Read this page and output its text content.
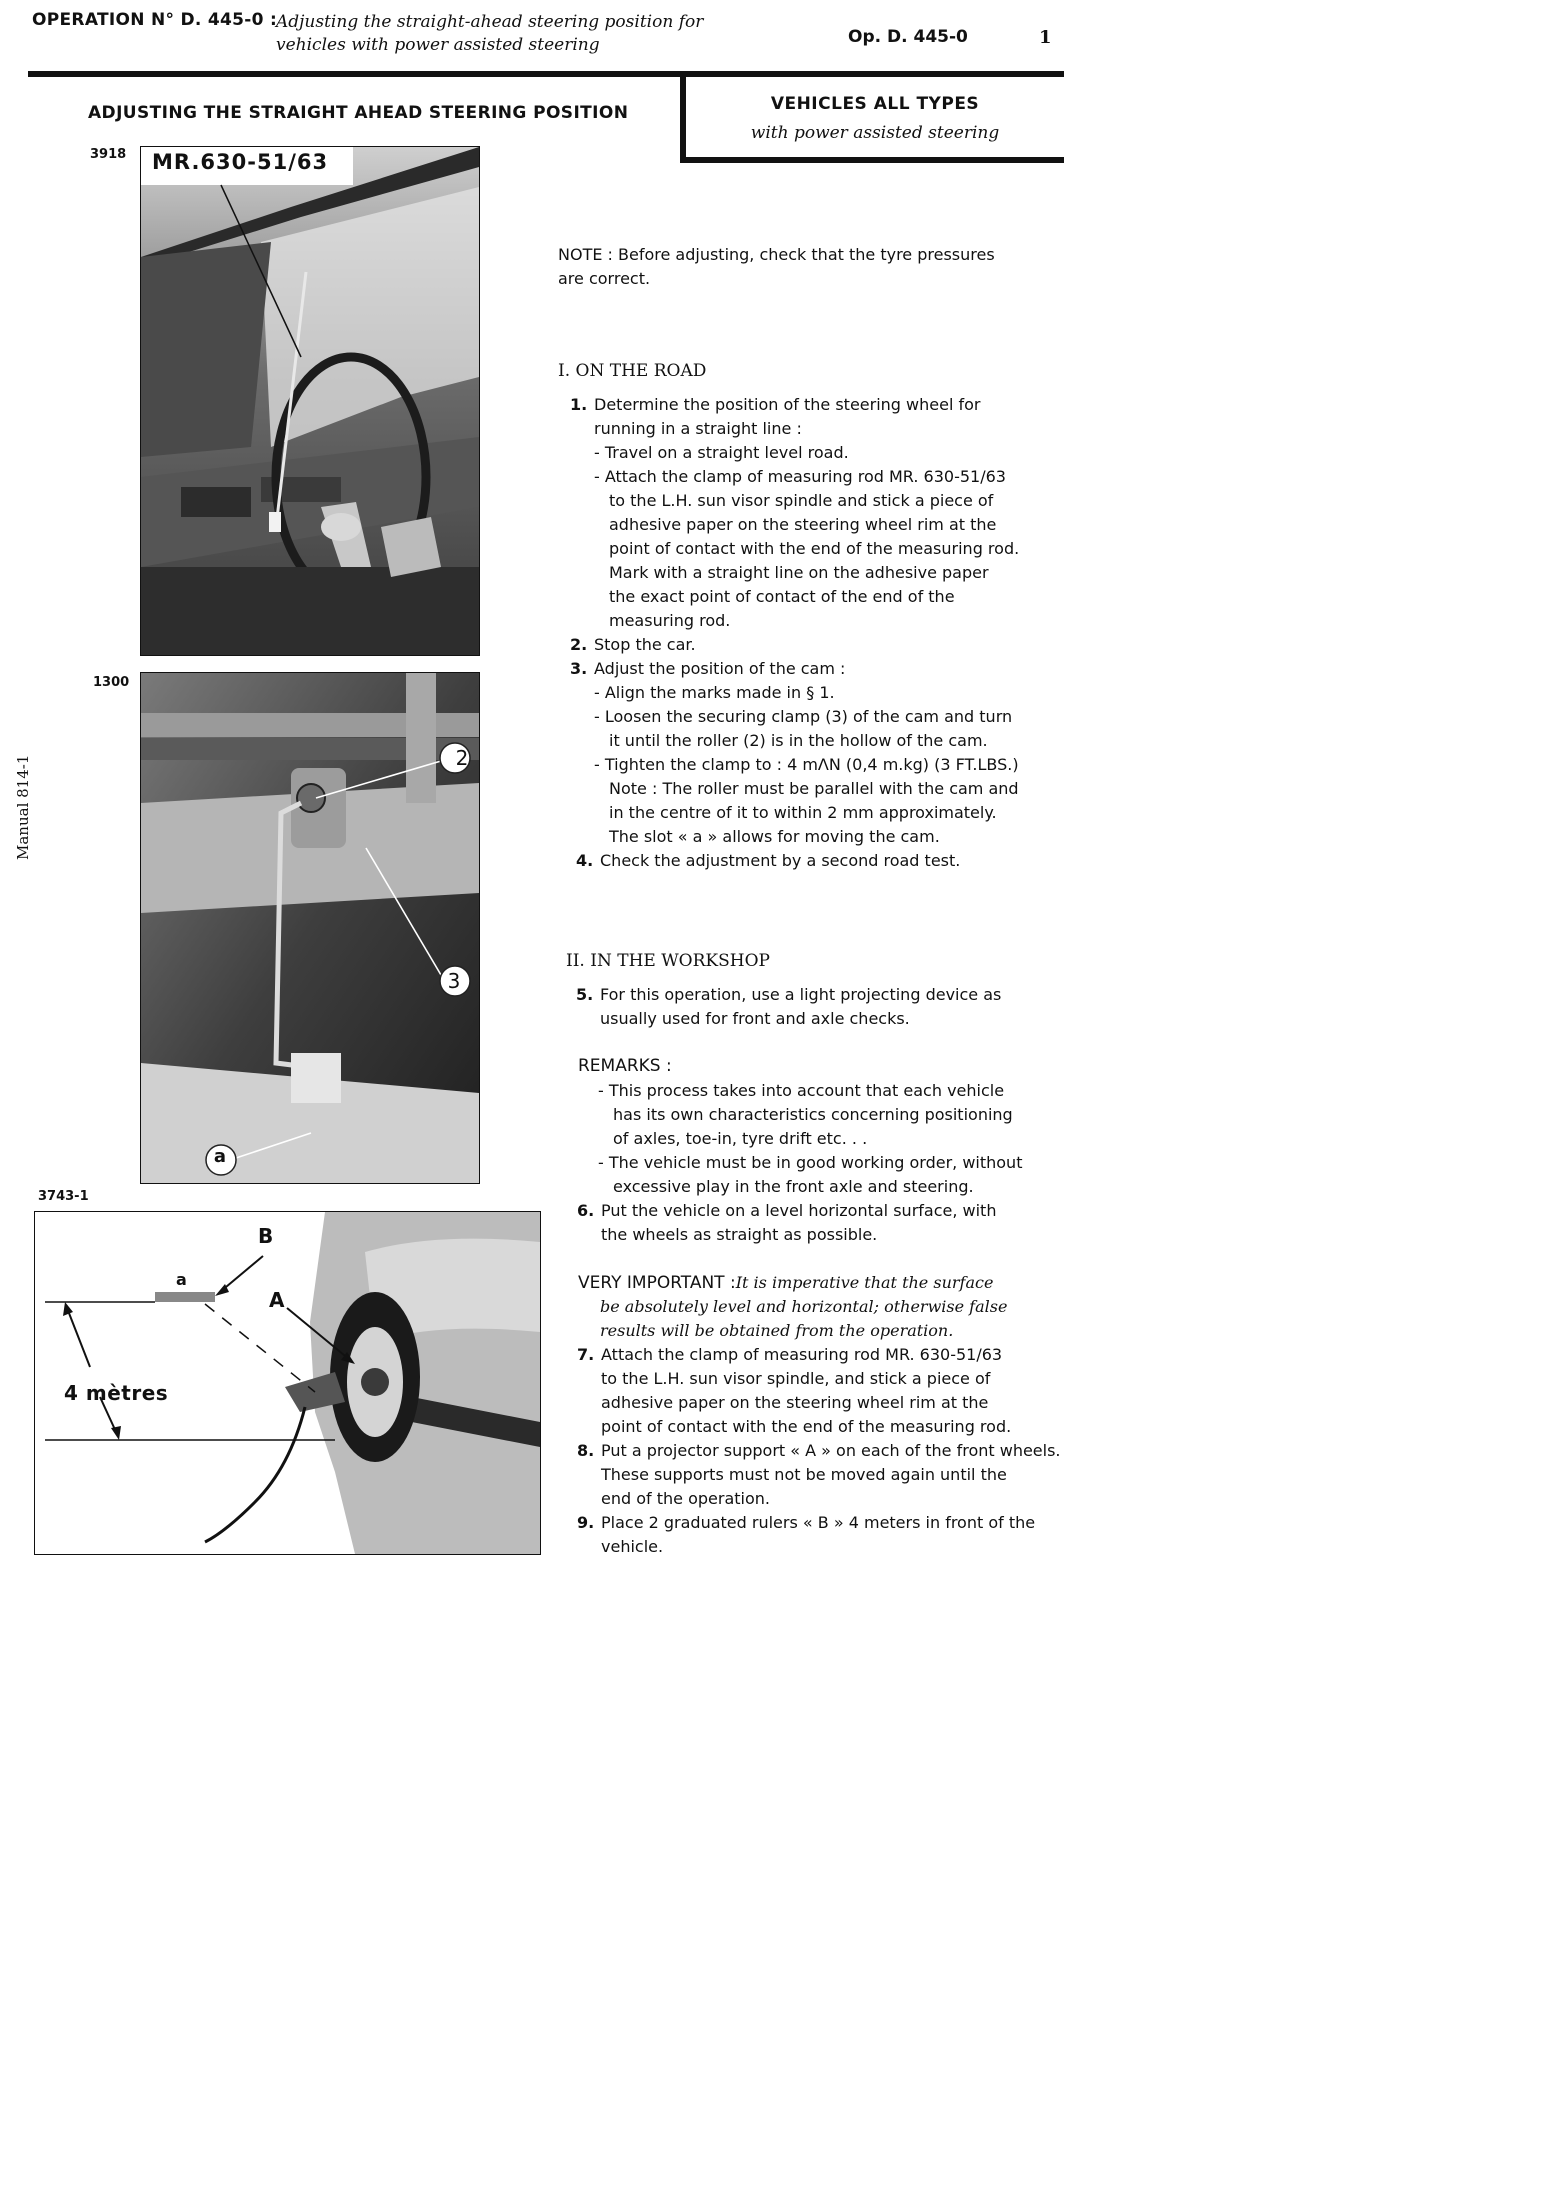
OPERATION N° D. 445-0 :
Adjusting the straight-ahead steering position for
vehicles with power assisted steering	Op. D. 445-0	1
VEHICLES ALL TYPES
with power assisted steering
ADJUSTING THE STRAIGHT AHEAD STEERING POSITION
Manual 814-1
3918 MR.630-51/63
1300
2
3
a
3743-1
B
a
A
4 mètres
NOTE : Before adjusting, check that the tyre pressures
are correct.
I. ON THE ROAD
1. Determine the position of the steering wheel for
running in a straight line :
- Travel on a straight level road.
- Attach the clamp of measuring rod MR. 630-51/63
to the L.H. sun visor spindle and stick a piece of
adhesive paper on the steering wheel rim at the
point of contact with the end of the measuring rod.
Mark with a straight line on the adhesive paper
the exact point of contact of the end of the
measuring rod.
2. Stop the car.
3. Adjust the position of the cam :
- Align the marks made in § 1.
- Loosen the securing clamp (3) of the cam and turn
it until the roller (2) is in the hollow of the cam.
- Tighten the clamp to : 4 mΛN (0,4 m.kg) (3 FT.LBS.)
Note : The roller must be parallel with the cam and
in the centre of it to within 2 mm approximately.
The slot « a » allows for moving the cam.
4. Check the adjustment by a second road test.
II. IN THE WORKSHOP
5. For this operation, use a light projecting device as
usually used for front and axle checks.
REMARKS :
- This process takes into account that each vehicle
has its own characteristics concerning positioning
of axles, toe-in, tyre drift etc. . .
- The vehicle must be in good working order, without
excessive play in the front axle and steering.
6. Put the vehicle on a level horizontal surface, with
the wheels as straight as possible.
VERY IMPORTANT :It is imperative that the surface
be absolutely level and horizontal; otherwise false
results will be obtained from the operation.
7. Attach the clamp of measuring rod MR. 630-51/63
to the L.H. sun visor spindle, and stick a piece of
adhesive paper on the steering wheel rim at the
point of contact with the end of the measuring rod.
8. Put a projector support « A » on each of the front wheels.
These supports must not be moved again until the
end of the operation.
9. Place 2 graduated rulers « B » 4 meters in front of the
vehicle.
